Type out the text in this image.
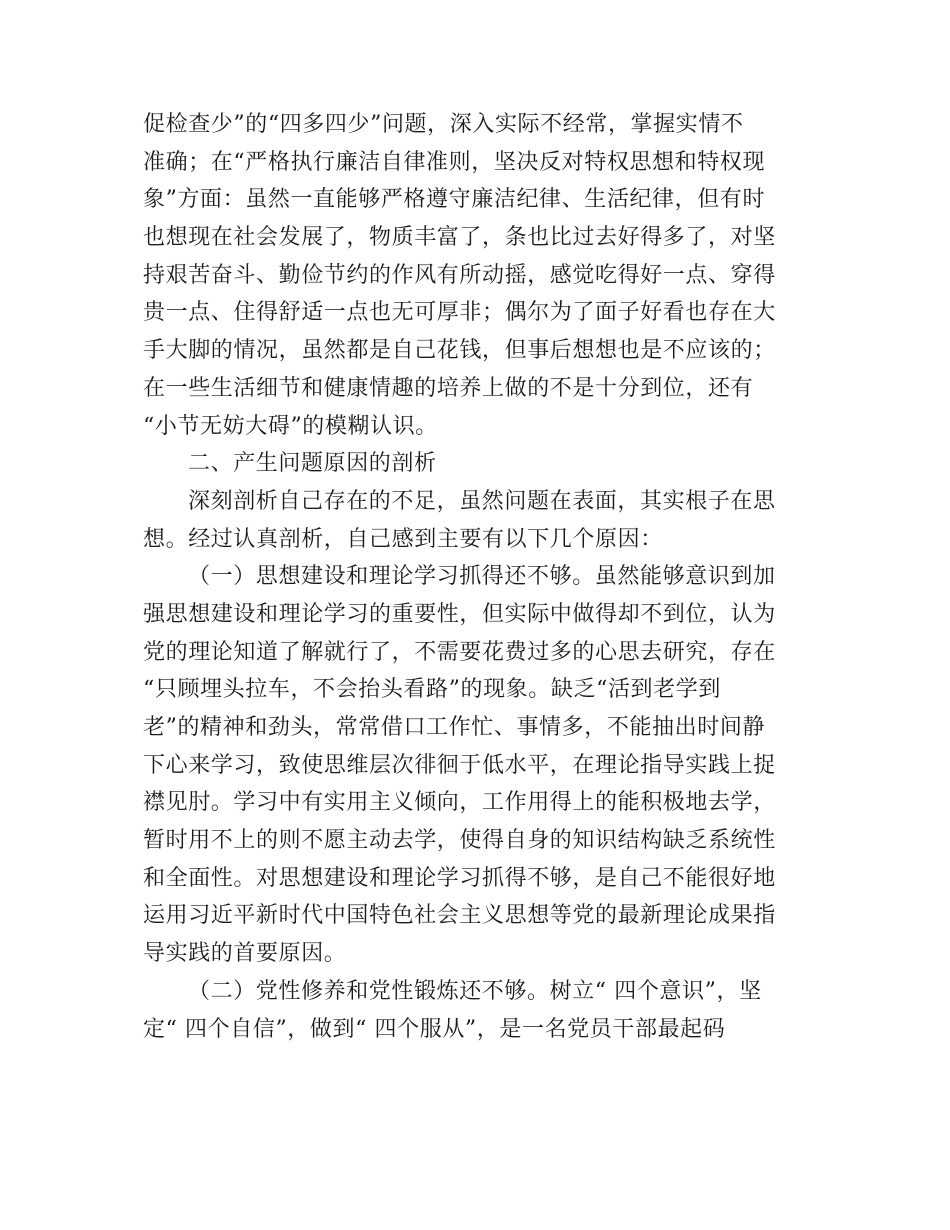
促检查少”的“四多四少”问题，深入实际不经常，掌握实情不
准确；在“严格执行廉洁自律准则，坚决反对特权思想和特权现
象”方面：虽然一直能够严格遵守廉洁纪律、生活纪律，但有时
也想现在社会发展了，物质丰富了，条也比过去好得多了，对坚
持艰苦奋斗、勤俭节约的作风有所动摇，感觉吃得好一点、穿得
贵一点、住得舒适一点也无可厚非；偶尔为了面子好看也存在大
手大脚的情况，虽然都是自己花钱，但事后想想也是不应该的；
在一些生活细节和健康情趣的培养上做的不是十分到位，还有
“小节无妨大碍”的模糊认识。
二、产生问题原因的剖析
深刻剖析自己存在的不足，虽然问题在表面，其实根子在思
想。经过认真剖析，自己感到主要有以下几个原因：
（一）思想建设和理论学习抓得还不够。虽然能够意识到加
强思想建设和理论学习的重要性，但实际中做得却不到位，认为
党的理论知道了解就行了，不需要花费过多的心思去研究，存在
“只顾埋头拉车，不会抬头看路”的现象。缺乏“活到老学到
老”的精神和劲头，常常借口工作忙、事情多，不能抽出时间静
下心来学习，致使思维层次徘徊于低水平，在理论指导实践上捉
襟见肘。学习中有实用主义倾向，工作用得上的能积极地去学，
暂时用不上的则不愿主动去学，使得自身的知识结构缺乏系统性
和全面性。对思想建设和理论学习抓得不够，是自己不能很好地
运用习近平新时代中国特色社会主义思想等党的最新理论成果指
导实践的首要原因。
（二）党性修养和党性锻炼还不够。树立“ 四个意识”，坚
定“ 四个自信”，做到“ 四个服从”，是一名党员干部最起码
